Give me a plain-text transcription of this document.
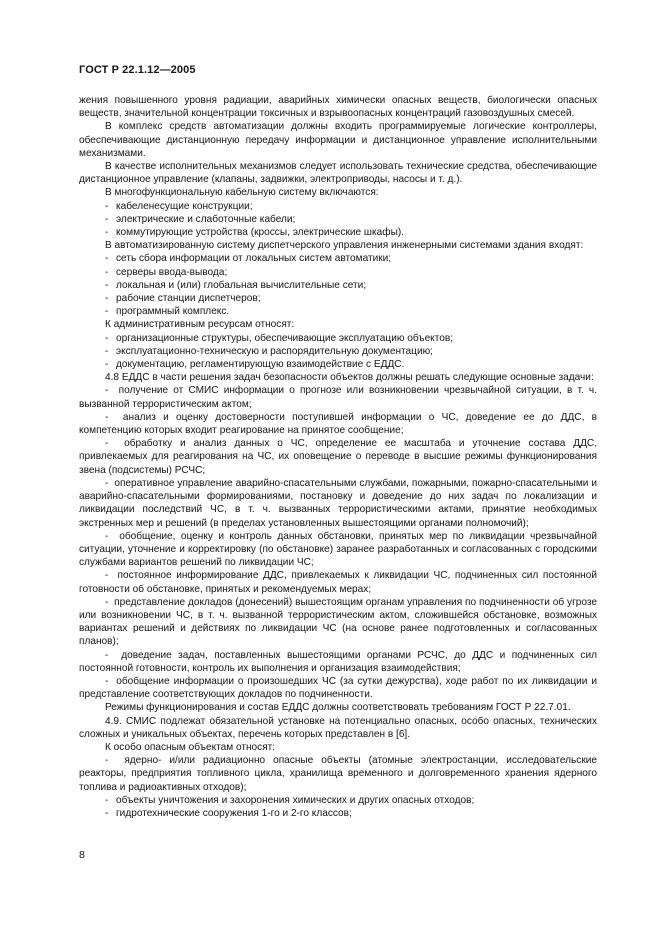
ГОСТ Р 22.1.12—2005

жения повышенного уровня радиации, аварийных химически опасных веществ, биологически опасных веществ, значительной концентрации токсичных и взрывоопасных концентраций газовоздушных смесей.

В комплекс средств автоматизации должны входить программируемые логические контроллеры, обеспечивающие дистанционную передачу информации и дистанционное управление исполнительными механизмами.

В качестве исполнительных механизмов следует использовать технические средства, обеспечивающие дистанционное управление (клапаны, задвижки, электроприводы, насосы и т. д.).

В многофункциональную кабельную систему включаются:

- кабеленесущие конструкции;

- электрические и слаботочные кабели;

- коммутирующие устройства (кроссы, электрические шкафы).

В автоматизированную систему диспетчерского управления инженерными системами здания входят:

- сеть сбора информации от локальных систем автоматики;

- серверы ввода-вывода;

- локальная и (или) глобальная вычислительные сети;

- рабочие станции диспетчеров;

- программный комплекс.

К административным ресурсам относят:

- организационные структуры, обеспечивающие эксплуатацию объектов;

- эксплуатационно-техническую и распорядительную документацию;

- документацию, регламентирующую взаимодействие с ЕДДС.

4.8 ЕДДС в части решения задач безопасности объектов должны решать следующие основные задачи:

- получение от СМИС информации о прогнозе или возникновении чрезвычайной ситуации, в т. ч. вызванной террористическим актом;

- анализ и оценку достоверности поступившей информации о ЧС, доведение ее до ДДС, в компетенцию которых входит реагирование на принятое сообщение;

- обработку и анализ данных о ЧС, определение ее масштаба и уточнение состава ДДС, привлекаемых для реагирования на ЧС, их оповещение о переводе в высшие режимы функционирования звена (подсистемы) РСЧС;

- оперативное управление аварийно-спасательными службами, пожарными, пожарно-спасательными и аварийно-спасательными формированиями, постановку и доведение до них задач по локализации и ликвидации последствий ЧС, в т. ч. вызванных террористическими актами, принятие необходимых экстренных мер и решений (в пределах установленных вышестоящими органами полномочий);

- обобщение, оценку и контроль данных обстановки, принятых мер по ликвидации чрезвычайной ситуации, уточнение и корректировку (по обстановке) заранее разработанных и согласованных с городскими службами вариантов решений по ликвидации ЧС;

- постоянное информирование ДДС, привлекаемых к ликвидации ЧС, подчиненных сил постоянной готовности об обстановке, принятых и рекомендуемых мерах;

- представление докладов (донесений) вышестоящим органам управления по подчиненности об угрозе или возникновении ЧС, в т. ч. вызванной террористическим актом, сложившейся обстановке, возможных вариантах решений и действиях по ликвидации ЧС (на основе ранее подготовленных и согласованных планов);

- доведение задач, поставленных вышестоящими органами РСЧС, до ДДС и подчиненных сил постоянной готовности, контроль их выполнения и организация взаимодействия;

- обобщение информации о произошедших ЧС (за сутки дежурства), ходе работ по их ликвидации и представление соответствующих докладов по подчиненности.

Режимы функционирования и состав ЕДДС должны соответствовать требованиям ГОСТ Р 22.7.01.

4.9. СМИС подлежат обязательной установке на потенциально опасных, особо опасных, технических сложных и уникальных объектах, перечень которых представлен в [6].

К особо опасным объектам относят:

- ядерно- и/или радиационно опасные объекты (атомные электростанции, исследовательские реакторы, предприятия топливного цикла, хранилища временного и долговременного хранения ядерного топлива и радиоактивных отходов);

- объекты уничтожения и захоронения химических и других опасных отходов;

- гидротехнические сооружения 1-го и 2-го классов;

8
